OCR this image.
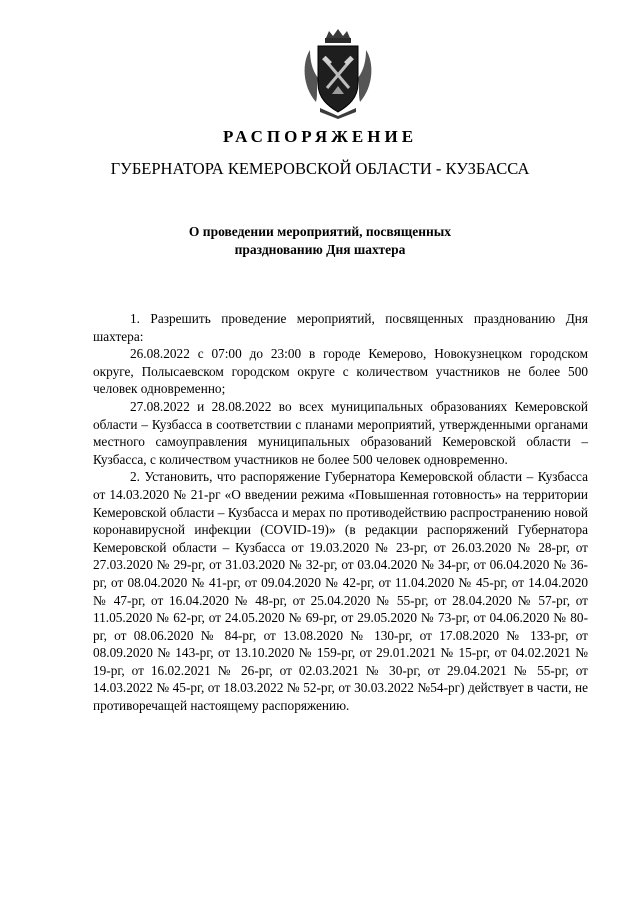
РАСПОРЯЖЕНИЕ
ГУБЕРНАТОРА КЕМЕРОВСКОЙ ОБЛАСТИ - КУЗБАССА
О проведении мероприятий, посвященных
празднованию Дня шахтера

1. Разрешить проведение мероприятий, посвященных празднованию Дня шахтера:

26.08.2022 с 07:00 до 23:00 в городе Кемерово, Новокузнецком городском округе, Полысаевском городском округе с количеством участников не более 500 человек одновременно;

27.08.2022 и 28.08.2022 во всех муниципальных образованиях Кемеровской области – Кузбасса в соответствии с планами мероприятий, утвержденными органами местного самоуправления муниципальных образований Кемеровской области – Кузбасса, с количеством участников не более 500 человек одновременно.

2. Установить, что распоряжение Губернатора Кемеровской области – Кузбасса от 14.03.2020 № 21-рг «О введении режима «Повышенная готовность» на территории Кемеровской области – Кузбасса и мерах по противодействию распространению новой коронавирусной инфекции (COVID-19)» (в редакции распоряжений Губернатора Кемеровской области – Кузбасса от 19.03.2020 № 23-рг, от 26.03.2020 № 28-рг, от 27.03.2020 № 29-рг, от 31.03.2020 № 32-рг, от 03.04.2020 № 34-рг, от 06.04.2020 № 36-рг, от 08.04.2020 № 41-рг, от 09.04.2020 № 42-рг, от 11.04.2020 № 45-рг, от 14.04.2020 № 47-рг, от 16.04.2020 № 48-рг, от 25.04.2020 № 55-рг, от 28.04.2020 № 57-рг, от 11.05.2020 № 62-рг, от 24.05.2020 № 69-рг, от 29.05.2020 № 73-рг, от 04.06.2020 № 80-рг, от 08.06.2020 № 84-рг, от 13.08.2020 № 130-рг, от 17.08.2020 № 133-рг, от 08.09.2020 № 143-рг, от 13.10.2020 № 159-рг, от 29.01.2021 № 15-рг, от 04.02.2021 № 19-рг, от 16.02.2021 № 26-рг, от 02.03.2021 № 30-рг, от 29.04.2021 № 55-рг, от 14.03.2022 № 45-рг, от 18.03.2022 № 52-рг, от 30.03.2022 №54-рг) действует в части, не противоречащей настоящему распоряжению.
